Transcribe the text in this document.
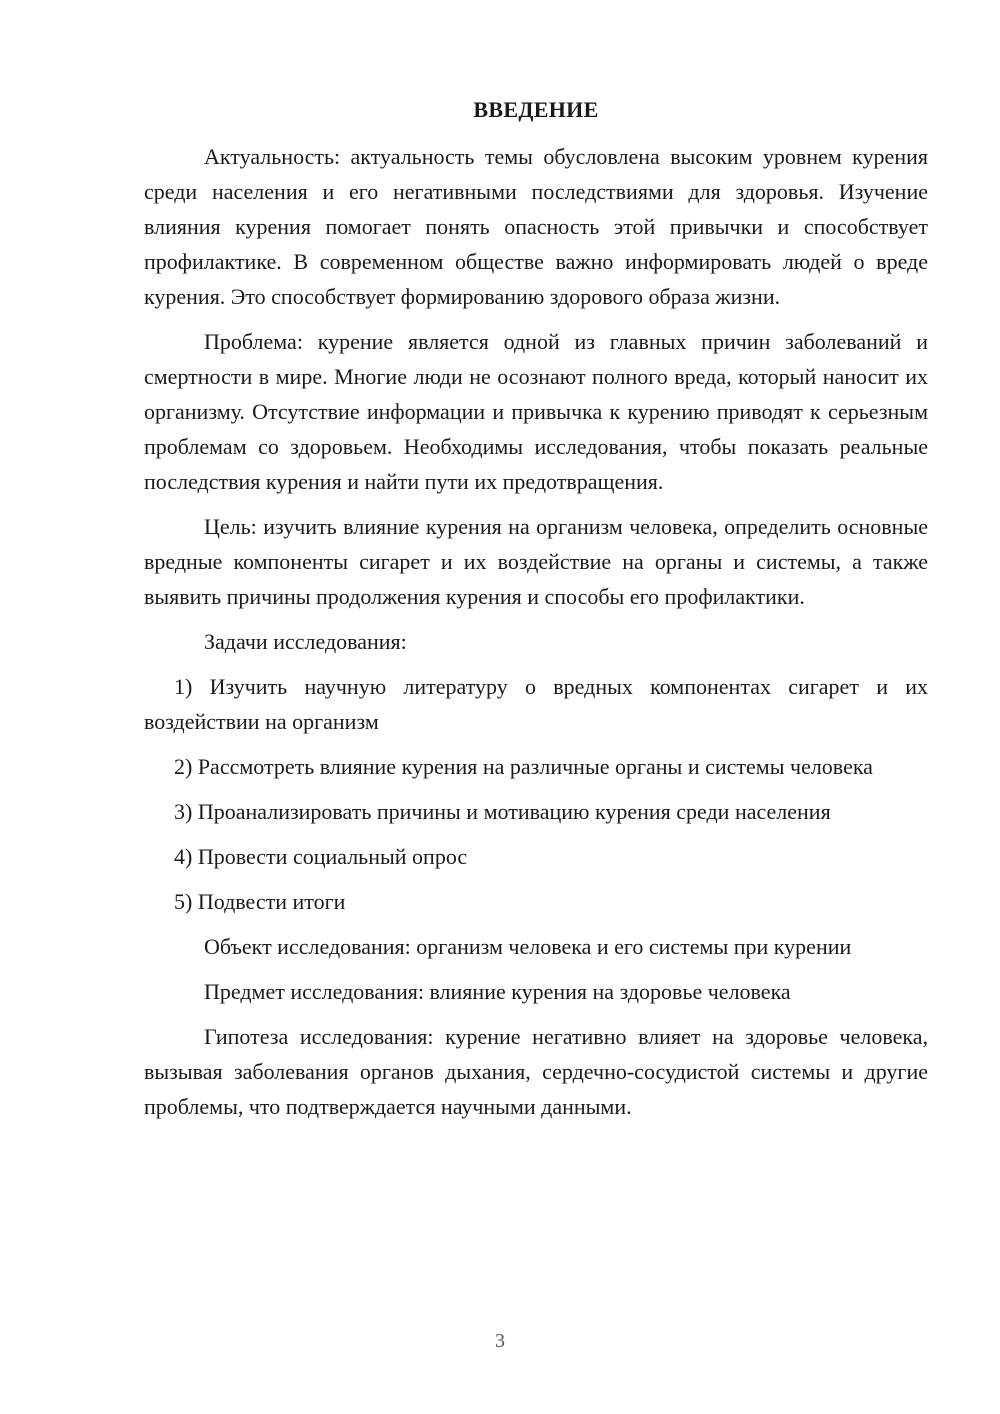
ВВЕДЕНИЕ

Актуальность: актуальность темы обусловлена высоким уровнем курения среди населения и его негативными последствиями для здоровья. Изучение влияния курения помогает понять опасность этой привычки и способствует профилактике. В современном обществе важно информировать людей о вреде курения. Это способствует формированию здорового образа жизни.

Проблема: курение является одной из главных причин заболеваний и смертности в мире. Многие люди не осознают полного вреда, который наносит их организму. Отсутствие информации и привычка к курению приводят к серьезным проблемам со здоровьем. Необходимы исследования, чтобы показать реальные последствия курения и найти пути их предотвращения.

Цель: изучить влияние курения на организм человека, определить основные вредные компоненты сигарет и их воздействие на органы и системы, а также выявить причины продолжения курения и способы его профилактики.

Задачи исследования:

1) Изучить научную литературу о вредных компонентах сигарет и их воздействии на организм

2) Рассмотреть влияние курения на различные органы и системы человека

3) Проанализировать причины и мотивацию курения среди населения

4) Провести социальный опрос

5) Подвести итоги

Объект исследования: организм человека и его системы при курении

Предмет исследования: влияние курения на здоровье человека

Гипотеза исследования: курение негативно влияет на здоровье человека, вызывая заболевания органов дыхания, сердечно-сосудистой системы и другие проблемы, что подтверждается научными данными.

3
